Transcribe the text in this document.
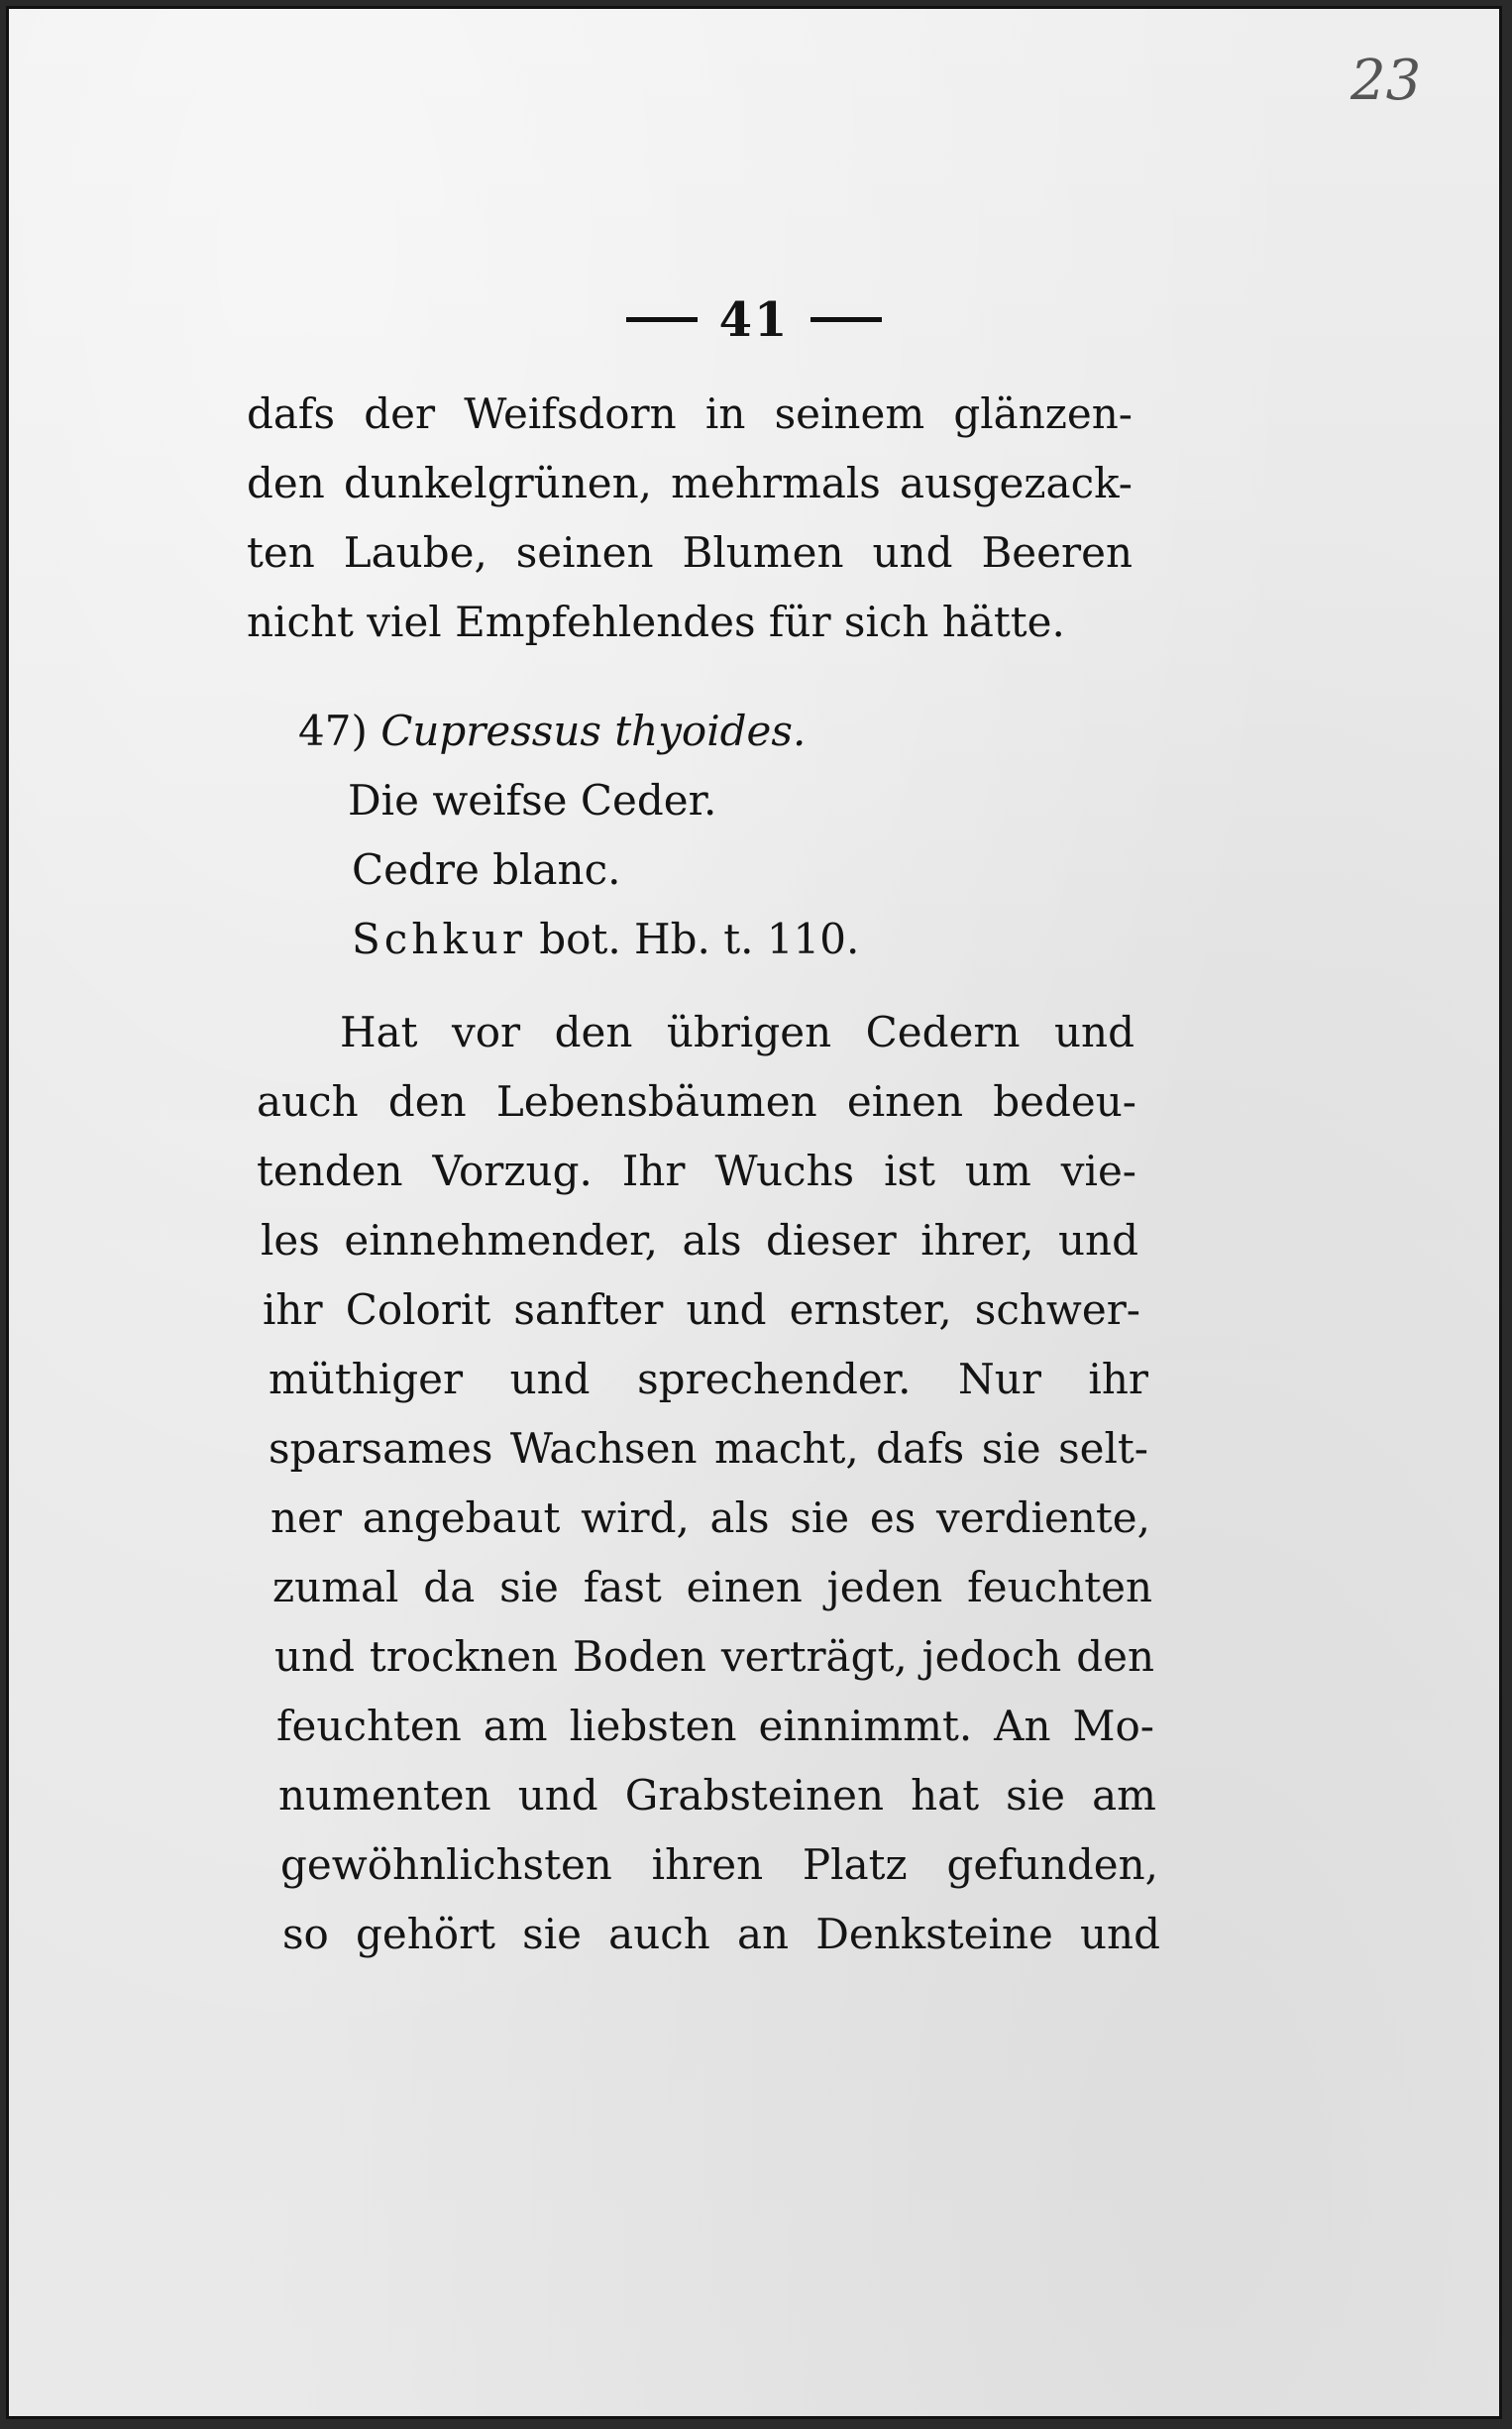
23
41
dafs der Weifsdorn in seinem glänzen-
den dunkelgrünen, mehrmals ausgezack-
ten Laube, seinen Blumen und Beeren
nicht viel Empfehlendes für sich hätte.
47) Cupressus thyoides.
Die weifse Ceder.
Cedre blanc.
Schkur bot. Hb. t. 110.
Hat vor den übrigen Cedern und
auch den Lebensbäumen einen bedeu-
tenden Vorzug. Ihr Wuchs ist um vie-
les einnehmender, als dieser ihrer, und
ihr Colorit sanfter und ernster, schwer-
müthiger und sprechender. Nur ihr
sparsames Wachsen macht, dafs sie selt-
ner angebaut wird, als sie es verdiente,
zumal da sie fast einen jeden feuchten
und trocknen Boden verträgt, jedoch den
feuchten am liebsten einnimmt. An Mo-
numenten und Grabsteinen hat sie am
gewöhnlichsten ihren Platz gefunden,
so gehört sie auch an Denksteine und
